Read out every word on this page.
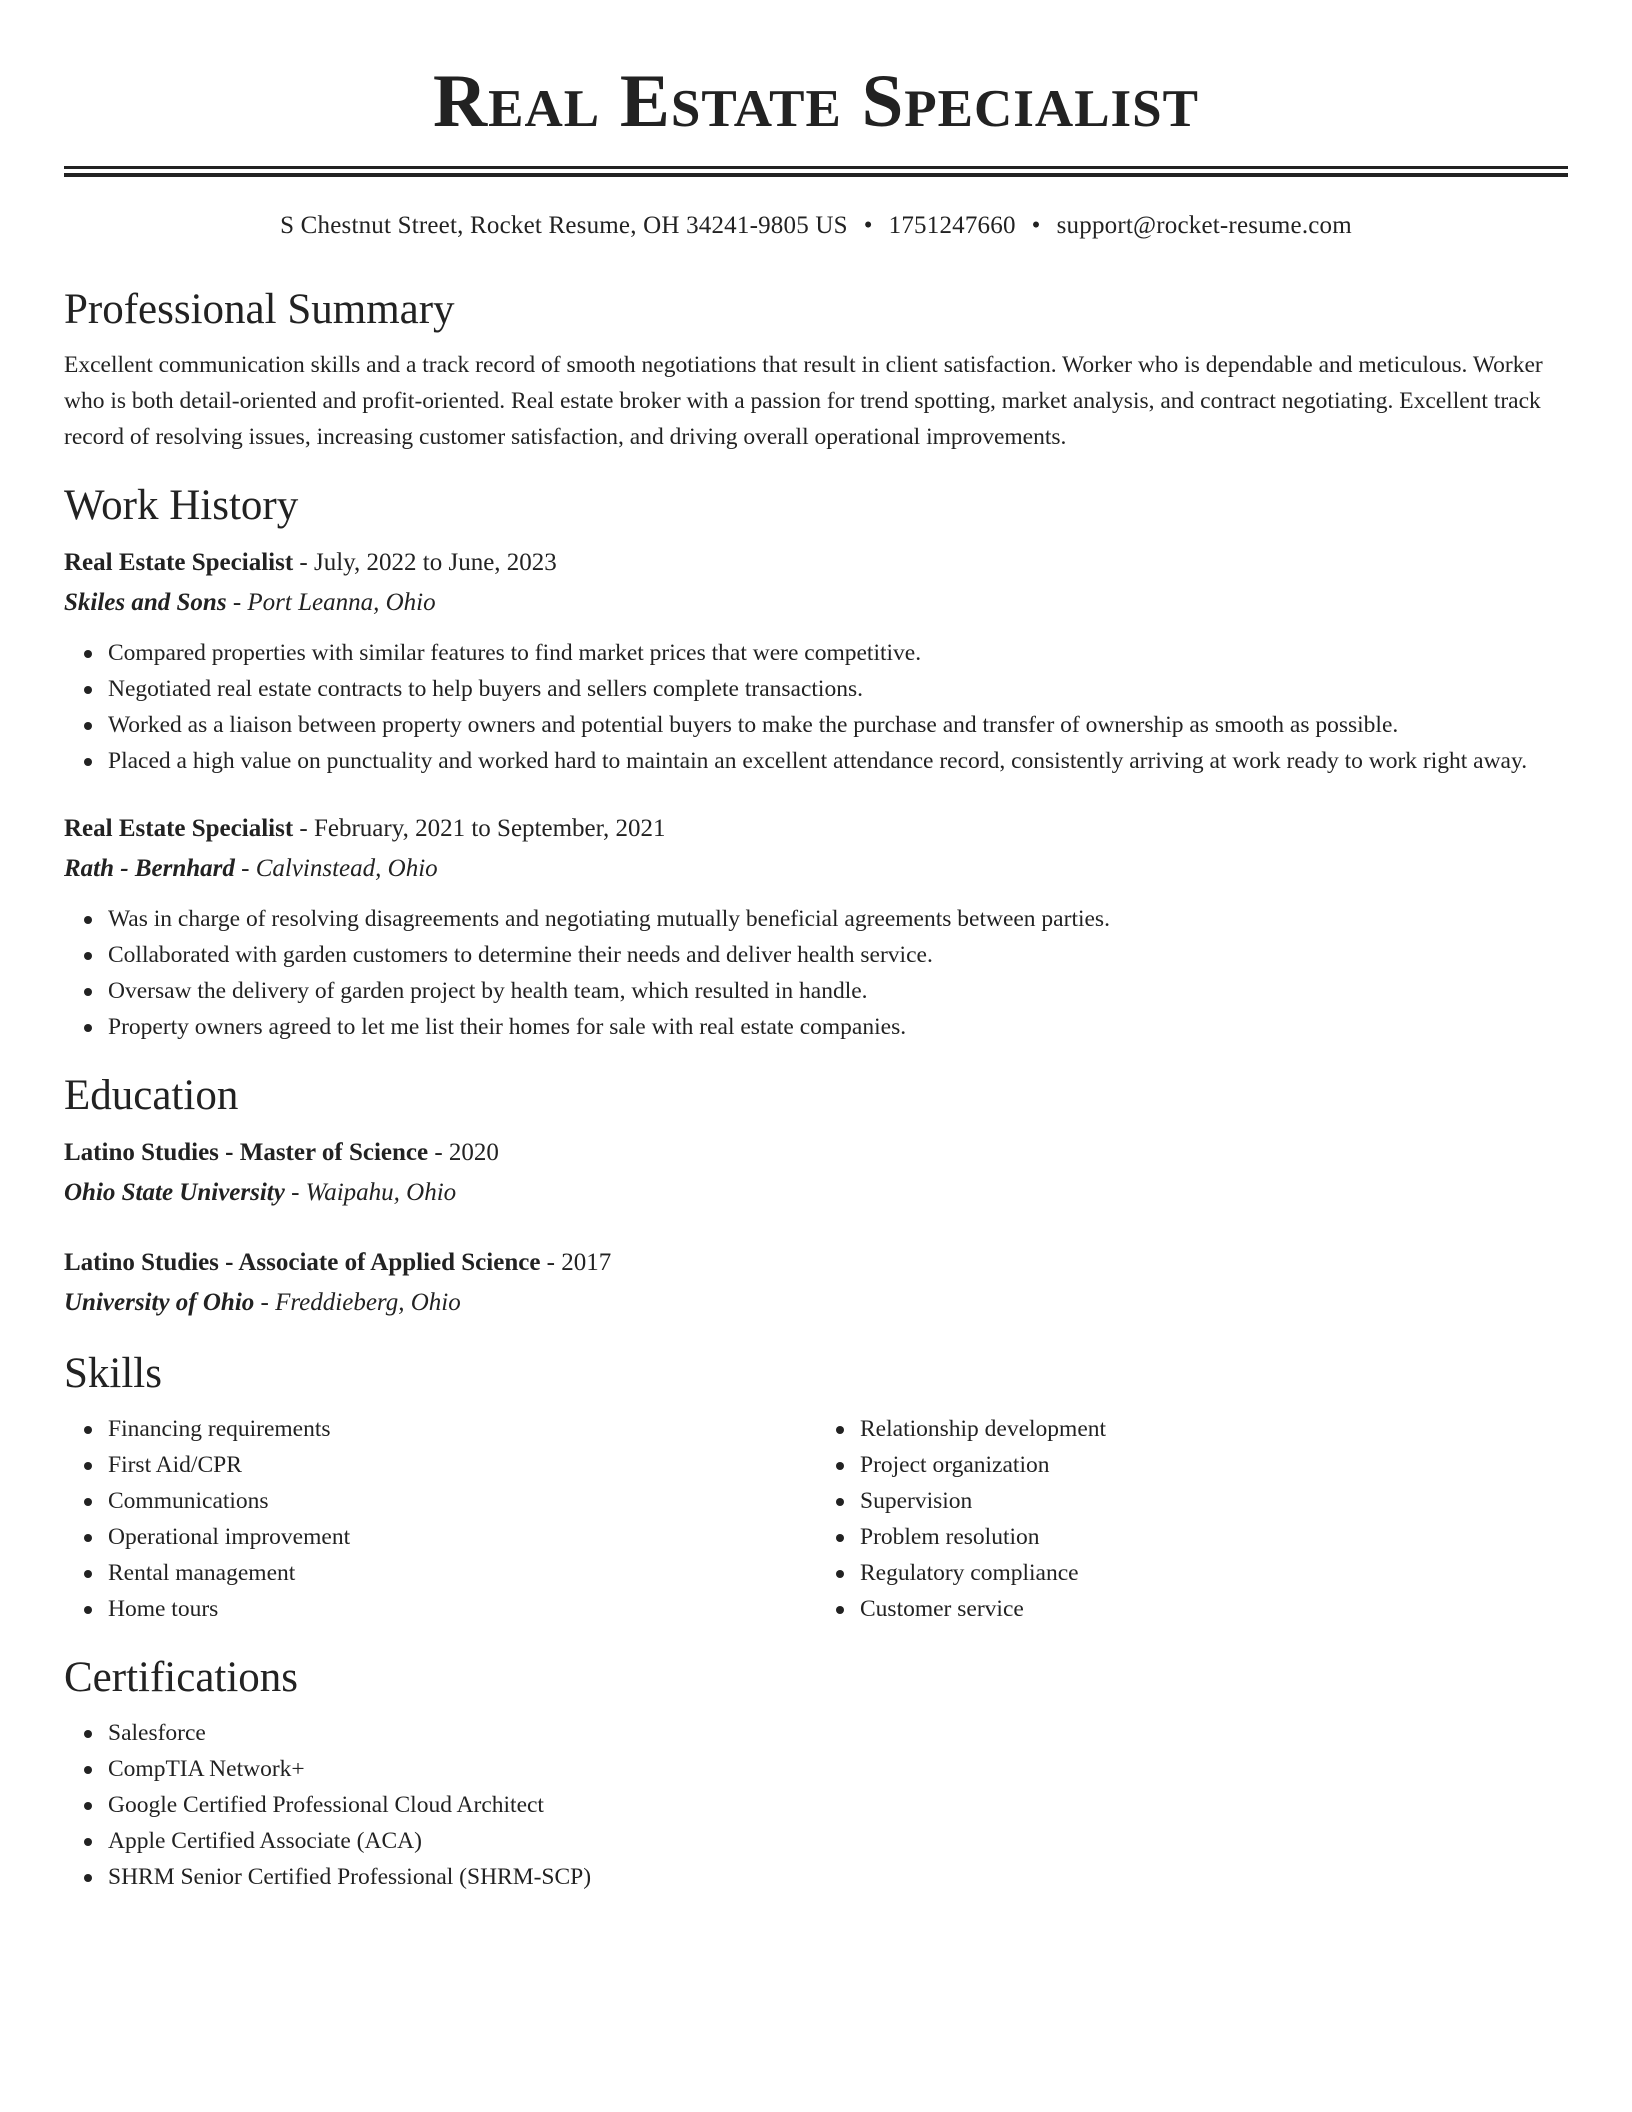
Real Estate Specialist
S Chestnut Street, Rocket Resume, OH 34241-9805 US • 1751247660 • support@rocket-resume.com
Professional Summary

Excellent communication skills and a track record of smooth negotiations that result in client satisfaction. Worker who is dependable and meticulous. Worker who is both detail-oriented and profit-oriented. Real estate broker with a passion for trend spotting, market analysis, and contract negotiating. Excellent track record of resolving issues, increasing customer satisfaction, and driving overall operational improvements.

Work History
Real Estate Specialist - July, 2022 to June, 2023
Skiles and Sons - Port Leanna, Ohio
Compared properties with similar features to find market prices that were competitive.
Negotiated real estate contracts to help buyers and sellers complete transactions.
Worked as a liaison between property owners and potential buyers to make the purchase and transfer of ownership as smooth as possible.
Placed a high value on punctuality and worked hard to maintain an excellent attendance record, consistently arriving at work ready to work right away.
Real Estate Specialist - February, 2021 to September, 2021
Rath - Bernhard - Calvinstead, Ohio
Was in charge of resolving disagreements and negotiating mutually beneficial agreements between parties.
Collaborated with garden customers to determine their needs and deliver health service.
Oversaw the delivery of garden project by health team, which resulted in handle.
Property owners agreed to let me list their homes for sale with real estate companies.
Education
Latino Studies - Master of Science - 2020
Ohio State University - Waipahu, Ohio
Latino Studies - Associate of Applied Science - 2017
University of Ohio - Freddieberg, Ohio
Skills
Financing requirements
First Aid/CPR
Communications
Operational improvement
Rental management
Home tours
Relationship development
Project organization
Supervision
Problem resolution
Regulatory compliance
Customer service
Certifications
Salesforce
CompTIA Network+
Google Certified Professional Cloud Architect
Apple Certified Associate (ACA)
SHRM Senior Certified Professional (SHRM-SCP)
